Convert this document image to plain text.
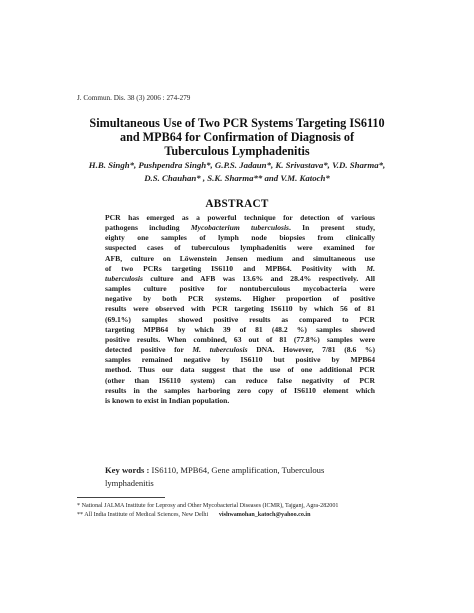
J. Commun. Dis. 38 (3) 2006 : 274-279
Simultaneous Use of Two PCR Systems Targeting IS6110
and MPB64 for Confirmation of Diagnosis of
Tuberculous Lymphadenitis
H.B. Singh*, Pushpendra Singh*, G.P.S. Jadaun*, K. Srivastava*, V.D. Sharma*,
D.S. Chauhan* , S.K. Sharma** and V.M. Katoch*
ABSTRACT
PCR has emerged as a powerful technique for detection of various
pathogens including Mycobacterium tuberculosis. In present study,
eighty one samples of lymph node biopsies from clinically
suspected cases of tuberculous lymphadenitis were examined for
AFB, culture on Löwenstein Jensen medium and simultaneous use
of two PCRs targeting IS6110 and MPB64. Positivity with M.
tuberculosis culture and AFB was 13.6% and 28.4% respectively. All
samples culture positive for nontuberculous mycobacteria were
negative by both PCR systems. Higher proportion of positive
results were observed with PCR targeting IS6110 by which 56 of 81
(69.1%) samples showed positive results as compared to PCR
targeting MPB64 by which 39 of 81 (48.2 %) samples showed
positive results. When combined, 63 out of 81 (77.8%) samples were
detected positive for M. tuberculosis DNA. However, 7/81 (8.6 %)
samples remained negative by IS6110 but positive by MPB64
method. Thus our data suggest that the use of one additional PCR
(other than IS6110 system) can reduce false negativity of PCR
results in the samples harboring zero copy of IS6110 element which
is known to exist in Indian population.
Key words : IS6110, MPB64, Gene amplification, Tuberculous
lymphadenitis
* National JALMA Institute for Leprosy and Other Mycobacterial Diseases (ICMR), Tajganj, Agra-282001
** All India Institute of Medical Sciences, New Delhi vishwamohan_katoch@yahoo.co.in
